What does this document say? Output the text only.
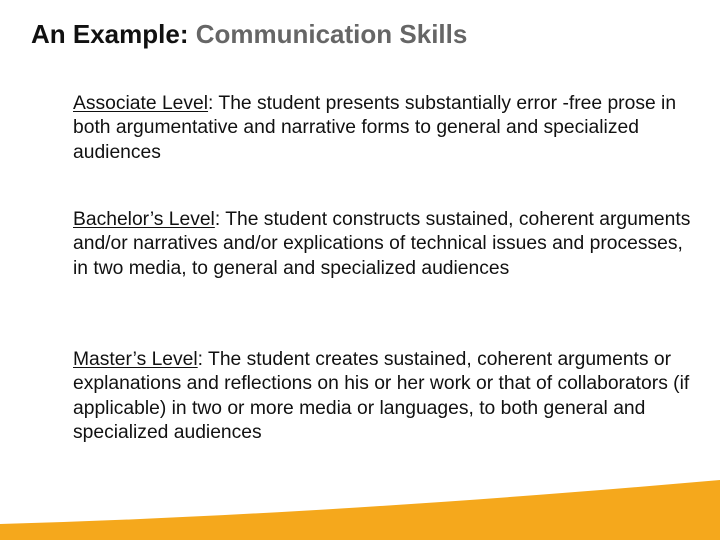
An Example: Communication Skills
Associate Level: The student presents substantially error -free prose in both argumentative and narrative forms to general and specialized audiences
Bachelor’s Level: The student constructs sustained, coherent arguments and/or narratives and/or explications of technical issues and processes, in two media, to general and specialized audiences
Master’s Level: The student creates sustained, coherent arguments or explanations and reflections on his or her work or that of collaborators (if applicable) in two or more media or languages, to both general and specialized audiences
